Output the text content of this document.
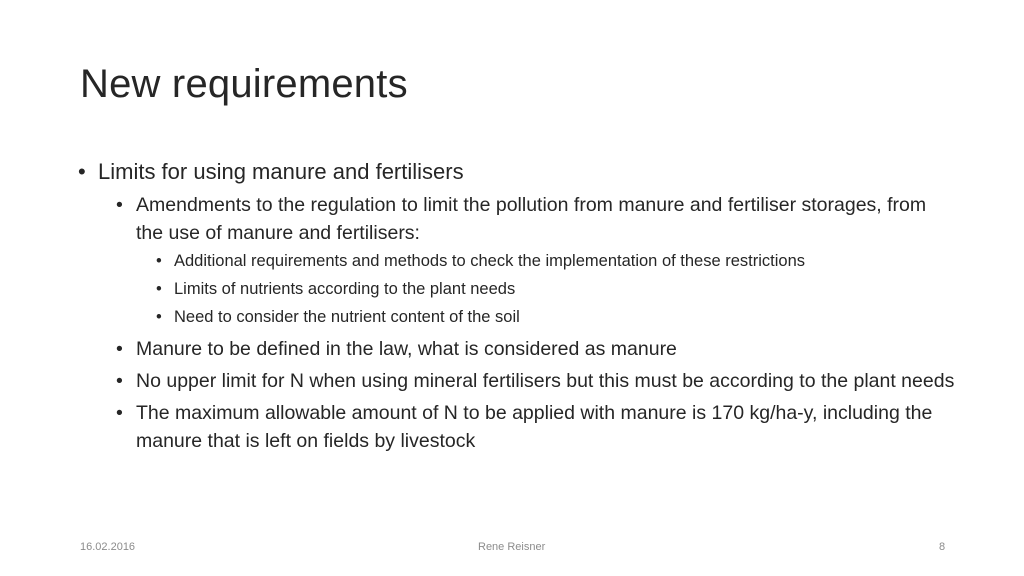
New requirements

• Limits for using manure and fertilisers

• Amendments to the regulation to limit the pollution from manure and fertiliser storages, from the use of manure and fertilisers:

• Additional requirements and methods to check the implementation of these restrictions

• Limits of nutrients according to the plant needs

• Need to consider the nutrient content of the soil

• Manure to be defined in the law, what is considered as manure

• No upper limit for N when using mineral fertilisers but this must be according to the plant needs

• The maximum allowable amount of N to be applied with manure is 170 kg/ha-y, including the manure that is left on fields by livestock

16.02.2016	Rene Reisner	8
